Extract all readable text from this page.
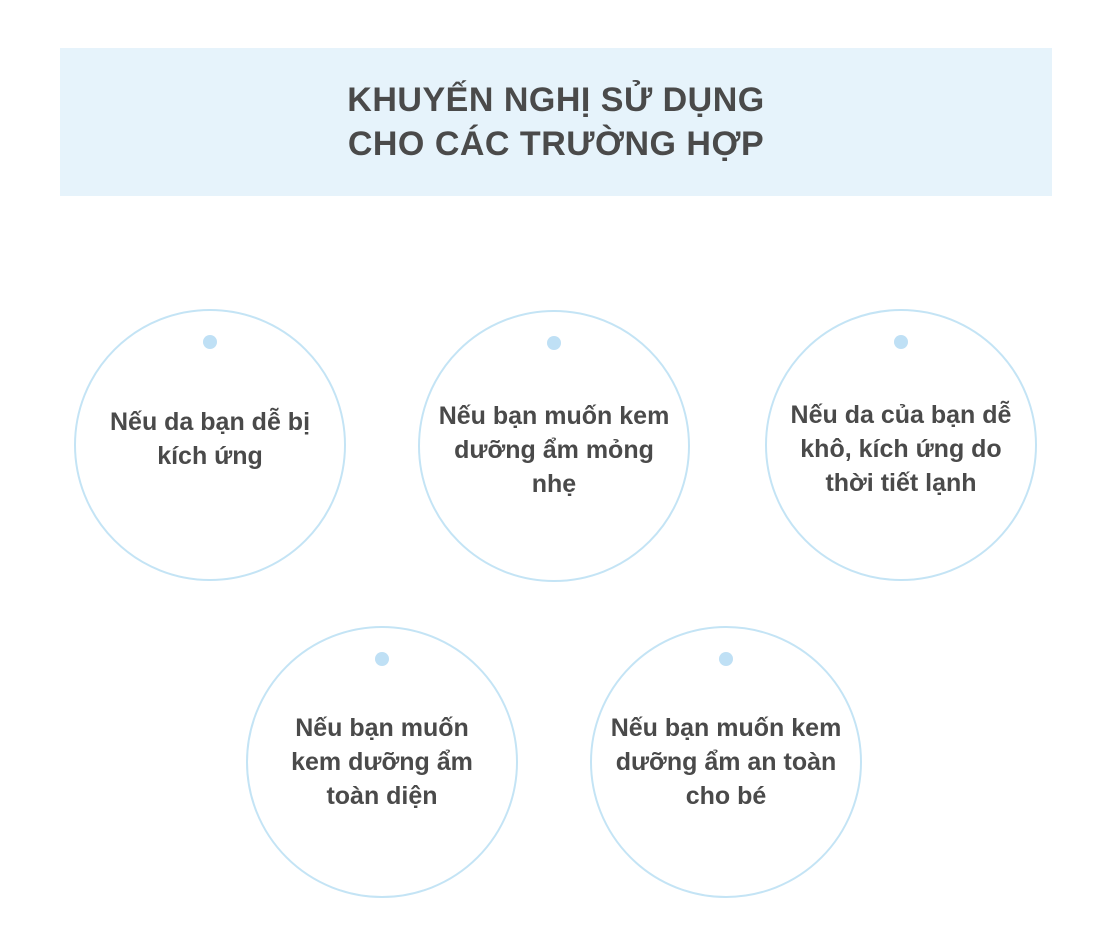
KHUYẾN NGHỊ SỬ DỤNG
CHO CÁC TRƯỜNG HỢP
Nếu da bạn dễ bị
kích ứng
Nếu bạn muốn kem
dưỡng ẩm mỏng
nhẹ
Nếu da của bạn dễ
khô, kích ứng do
thời tiết lạnh
Nếu bạn muốn
kem dưỡng ẩm
toàn diện
Nếu bạn muốn kem
dưỡng ẩm an toàn
cho bé
